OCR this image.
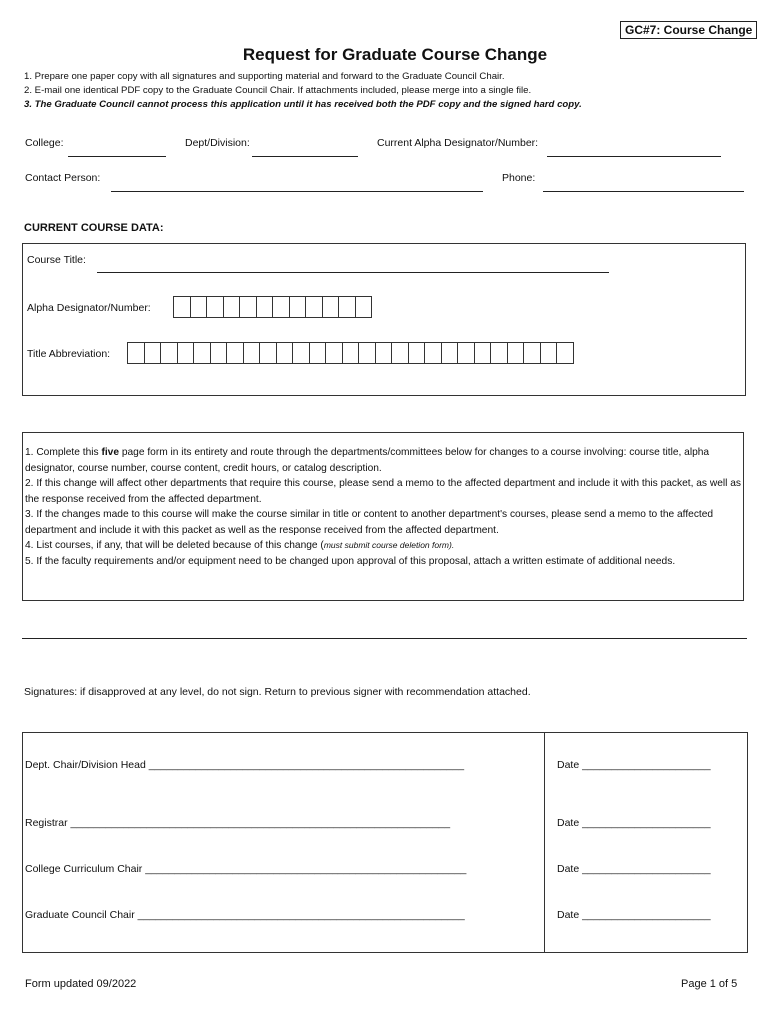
GC#7: Course Change
Request for Graduate Course Change
1. Prepare one paper copy with all signatures and supporting material and forward to the Graduate Council Chair.
2. E-mail one identical PDF copy to the Graduate Council Chair. If attachments included, please merge into a single file.
3. The Graduate Council cannot process this application until it has received both the PDF copy and the signed hard copy.
College:	Dept/Division:	Current Alpha Designator/Number:
Contact Person:	Phone:
CURRENT COURSE DATA:
Course Title:
Alpha Designator/Number:
Title Abbreviation:
1. Complete this five page form in its entirety and route through the departments/committees below for changes to a course involving: course title, alpha designator, course number, course content, credit hours, or catalog description.
2. If this change will affect other departments that require this course, please send a memo to the affected department and include it with this packet, as well as the response received from the affected department.
3. If the changes made to this course will make the course similar in title or content to another department's courses, please send a memo to the affected department and include it with this packet as well as the response received from the affected department.
4. List courses, if any, that will be deleted because of this change (must submit course deletion form).
5. If the faculty requirements and/or equipment need to be changed upon approval of this proposal, attach a written estimate of additional needs.
Signatures: if disapproved at any level, do not sign. Return to previous signer with recommendation attached.
Dept. Chair/Division Head ______________________________________________________	Date ______________________
Registrar _________________________________________________________________	Date ______________________
College Curriculum Chair _______________________________________________________	Date ______________________
Graduate Council Chair ________________________________________________________	Date ______________________
Form updated 09/2022	Page 1 of 5
